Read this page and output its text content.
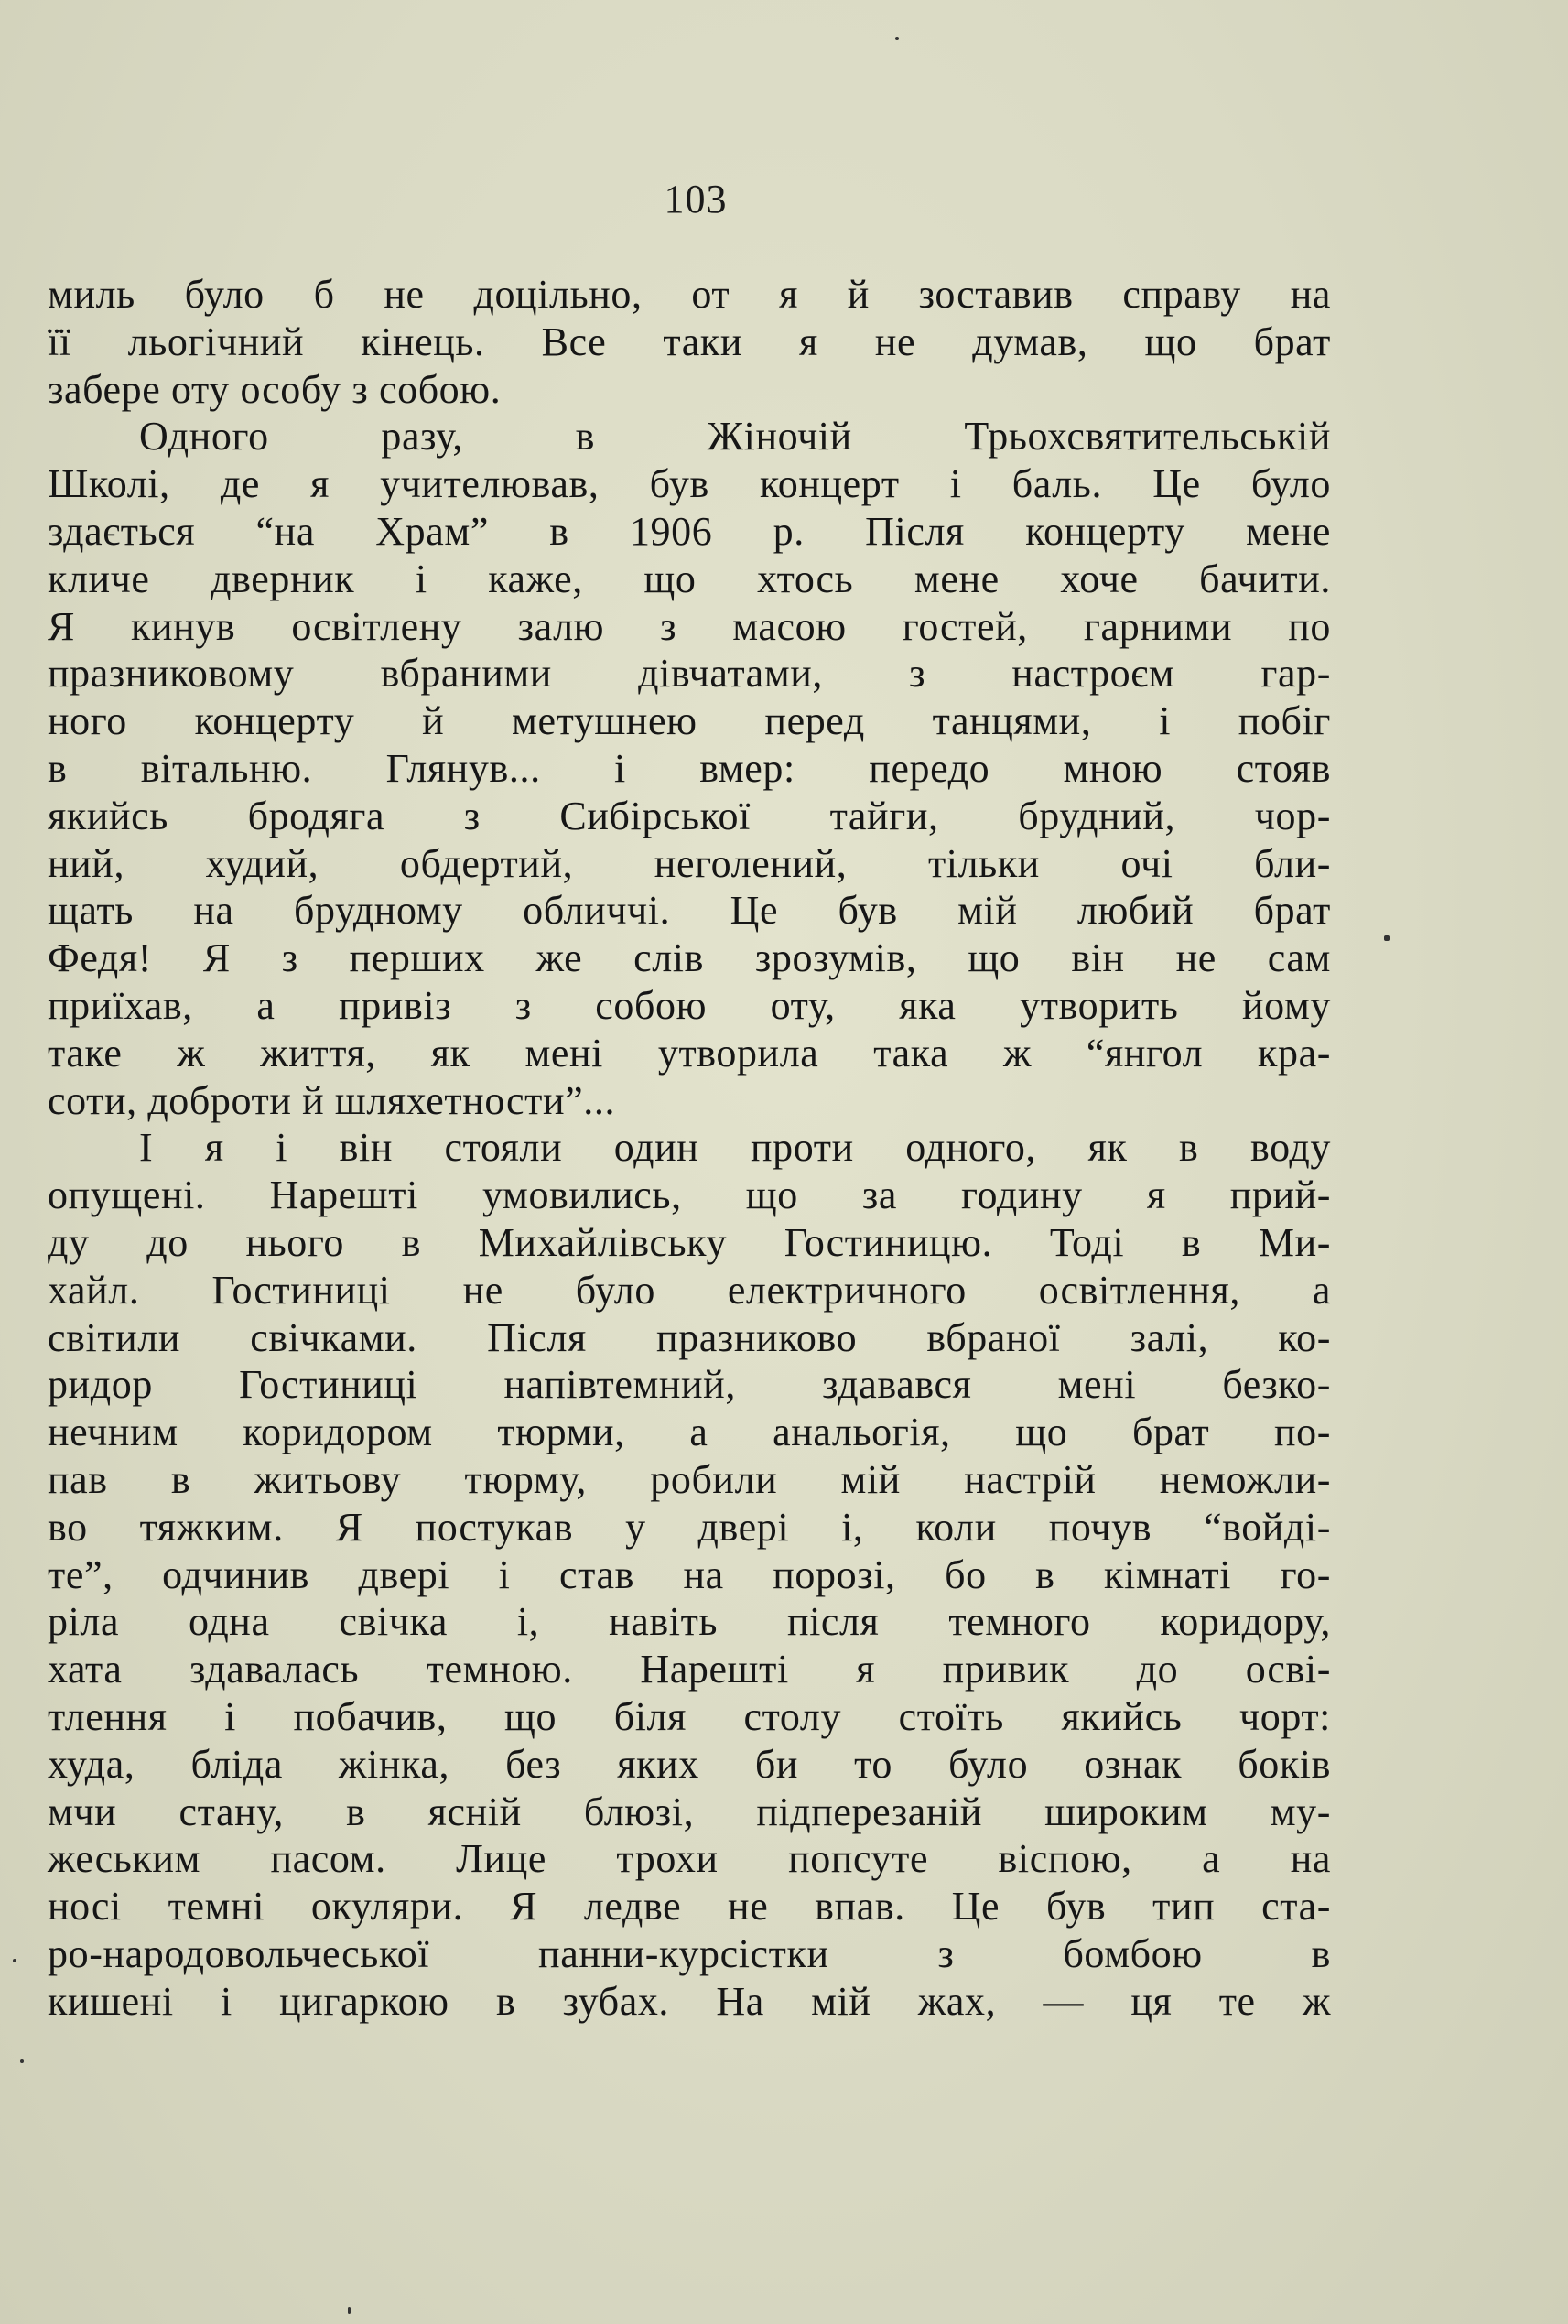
103
миль було б не доцільно, от я й зоставив справу на
її льогічний кінець. Все таки я не думав, що брат
забере оту особу з собою.
Одного разу, в Жіночій Трьохсвятительській
Школі, де я учителював, був концерт і баль. Це було
здається “на Храм” в 1906 р. Після концерту мене
кличе дверник і каже, що хтось мене хоче бачити.
Я кинув освітлену залю з масою гостей, гарними по
празниковому вбраними дівчатами, з настроєм гар-
ного концерту й метушнею перед танцями, і побіг
в вітальню. Глянув... і вмер: передо мною стояв
якийсь бродяга з Сибірської тайги, брудний, чор-
ний, худий, обдертий, неголений, тільки очі бли-
щать на брудному обличчі. Це був мій любий брат
Федя! Я з перших же слів зрозумів, що він не сам
приїхав, а привіз з собою оту, яка утворить йому
таке ж життя, як мені утворила така ж “янгол кра-
соти, доброти й шляхетности”...
І я і він стояли один проти одного, як в воду
опущені. Нарешті умовились, що за годину я прий-
ду до нього в Михайлівську Гостиницю. Тоді в Ми-
хайл. Гостиниці не було електричного освітлення, а
світили свічками. Після празниково вбраної залі, ко-
ридор Гостиниці напівтемний, здавався мені безко-
нечним коридором тюрми, а анальогія, що брат по-
пав в житьову тюрму, робили мій настрій неможли-
во тяжким. Я постукав у двері і, коли почув “войді-
те”, одчинив двері і став на порозі, бо в кімнаті го-
ріла одна свічка і, навіть після темного коридору,
хата здавалась темною. Нарешті я привик до осві-
тлення і побачив, що біля столу стоїть якийсь чорт:
худа, бліда жінка, без яких би то було ознак боків
мчи стану, в ясній блюзі, підперезаній широким му-
жеським пасом. Лице трохи попсуте віспою, а на
носі темні окуляри. Я ледве не впав. Це був тип ста-
ро-народовольчеської панни-курсістки з бомбою в
кишені і цигаркою в зубах. На мій жах, — ця те ж
